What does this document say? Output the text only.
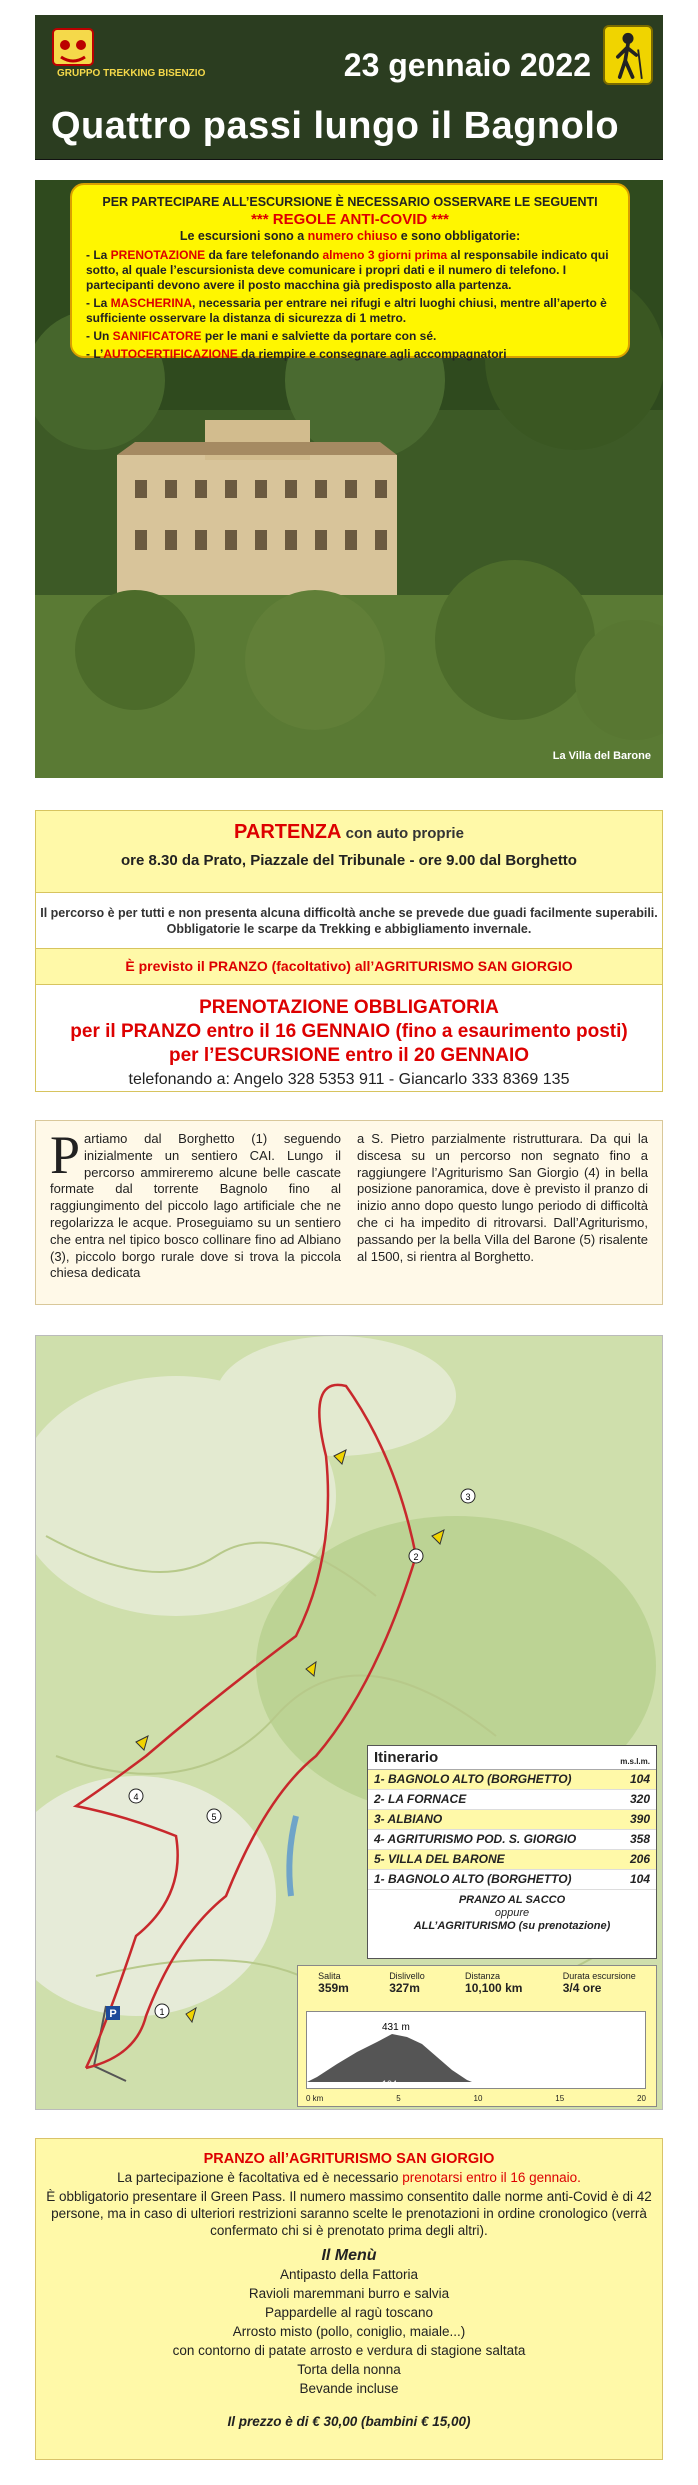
GRUPPO TREKKING BISENZIO	23 gennaio 2022
Quattro passi lungo il Bagnolo
La Villa del Barone
PER PARTECIPARE ALL’ESCURSIONE È NECESSARIO OSSERVARE LE SEGUENTI
*** REGOLE ANTI-COVID ***
Le escursioni sono a numero chiuso e sono obbligatorie:
- La PRENOTAZIONE da fare telefonando almeno 3 giorni prima al responsabile indicato qui sotto, al quale l’escursionista deve comunicare i propri dati e il numero di telefono. I partecipanti devono avere il posto macchina già predisposto alla partenza.
- La MASCHERINA, necessaria per entrare nei rifugi e altri luoghi chiusi, mentre all’aperto è sufficiente osservare la distanza di sicurezza di 1 metro.
- Un SANIFICATORE per le mani e salviette da portare con sé.
- L’AUTOCERTIFICAZIONE da riempire e consegnare agli accompagnatori
PARTENZA con auto proprie
ore 8.30 da Prato, Piazzale del Tribunale - ore 9.00 dal Borghetto
Il percorso è per tutti e non presenta alcuna difficoltà anche se prevede due guadi facilmente superabili. Obbligatorie le scarpe da Trekking e abbigliamento invernale.
È previsto il PRANZO (facoltativo) all’AGRITURISMO SAN GIORGIO
PRENOTAZIONE OBBLIGATORIA
per il PRANZO entro il 16 GENNAIO (fino a esaurimento posti)
per l’ESCURSIONE entro il 20 GENNAIO
telefonando a: Angelo 328 5353 911 - Giancarlo 333 8369 135
Partiamo dal Borghetto (1) seguendo inizialmente un sentiero CAI. Lungo il percorso ammireremo alcune belle cascate formate dal torrente Bagnolo fino al raggiungimento del piccolo lago artificiale che ne regolarizza le acque. Proseguiamo su un sentiero che entra nel tipico bosco collinare fino ad Albiano (3), piccolo borgo rurale dove si trova la piccola chiesa dedicata
a S. Pietro parzialmente ristrutturara. Da qui la discesa su un percorso non segnato fino a raggiungere l’Agriturismo San Giorgio (4) in bella posizione panoramica, dove è previsto il pranzo di inizio anno dopo questo lungo periodo di difficoltà che ci ha impedito di ritrovarsi. Dall’Agriturismo, passando per la bella Villa del Barone (5) risalente al 1500, si rientra al Borghetto.
2
3
4
5
1
P
Itinerario	m.s.l.m.
1- BAGNOLO ALTO (BORGHETTO)	104
2- LA FORNACE	320
3- ALBIANO	390
4- AGRITURISMO POD. S. GIORGIO	358
5- VILLA DEL BARONE	206
1- BAGNOLO ALTO (BORGHETTO)	104
PRANZO AL SACCO
oppure
ALL’AGRITURISMO (su prenotazione)
Salita
359m
Dislivello
327m
Distanza
10,100 km
Durata escursione
3/4 ore
431 m
104 m
0 km	5	10	15	20
PRANZO all’AGRITURISMO SAN GIORGIO
La partecipazione è facoltativa ed è necessario prenotarsi entro il 16 gennaio.
È obbligatorio presentare il Green Pass. Il numero massimo consentito dalle norme anti-Covid è di 42 persone, ma in caso di ulteriori restrizioni saranno scelte le prenotazioni in ordine cronologico (verrà confermato chi si è prenotato prima degli altri).
Il Menù
Antipasto della Fattoria
Ravioli maremmani burro e salvia
Pappardelle al ragù toscano
Arrosto misto (pollo, coniglio, maiale...)
con contorno di patate arrosto e verdura di stagione saltata
Torta della nonna
Bevande incluse
Il prezzo è di € 30,00 (bambini € 15,00)
